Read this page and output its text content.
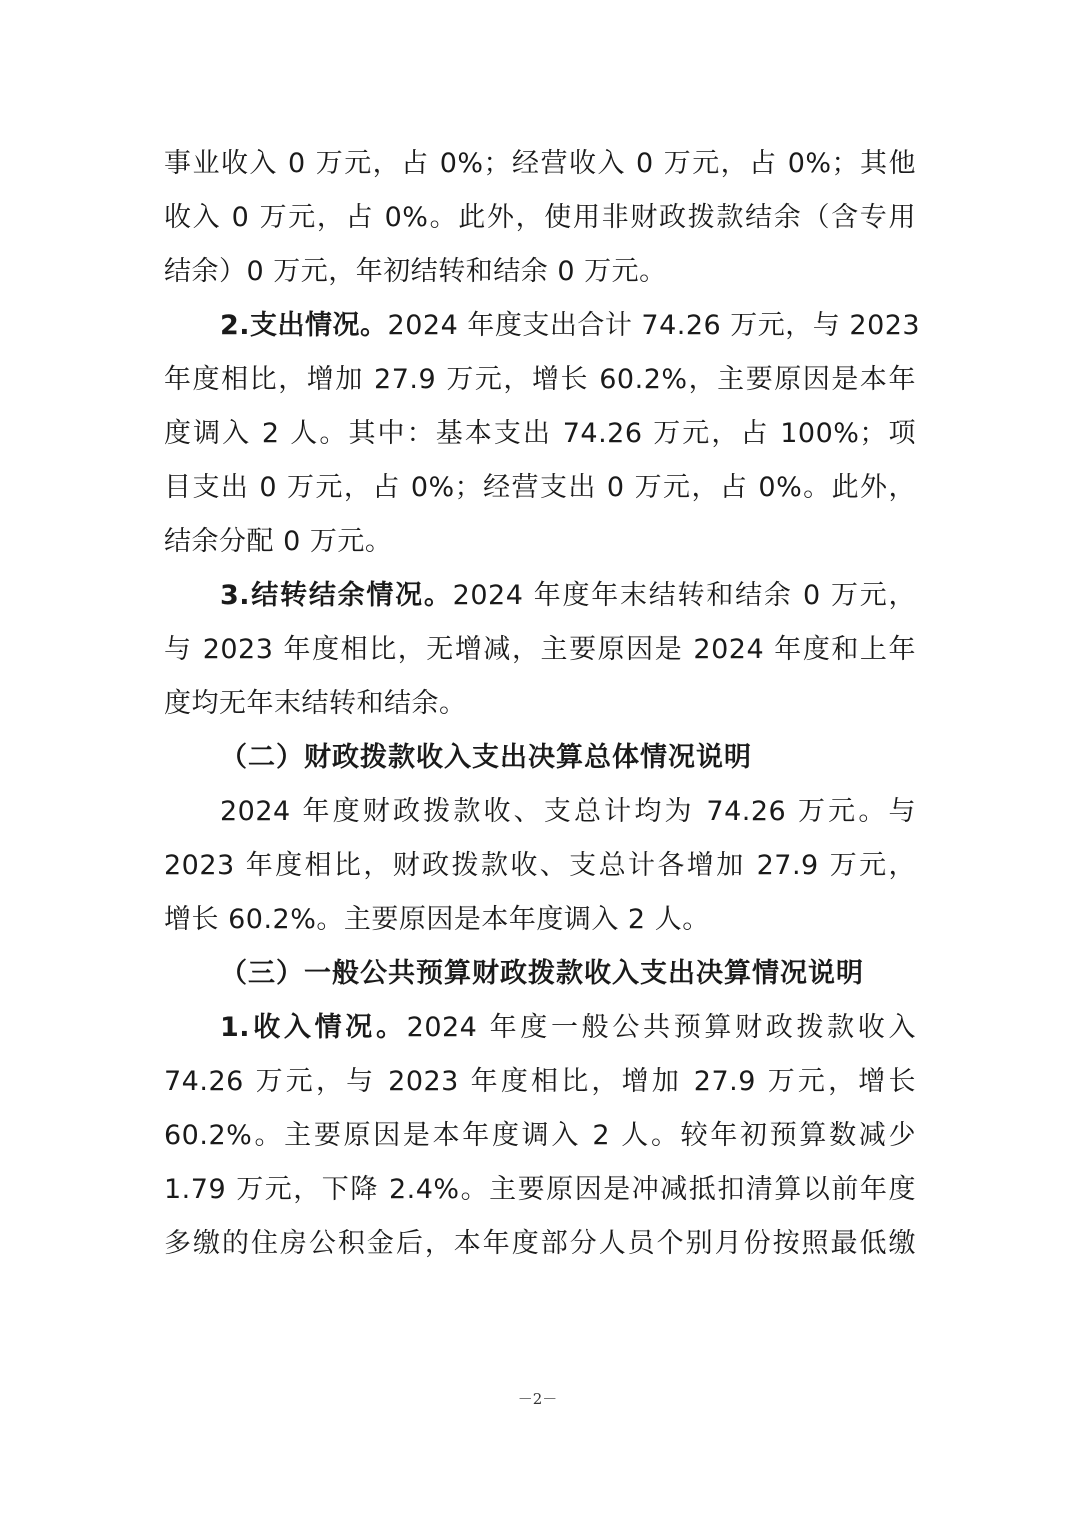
事业收入 0 万元，占 0%；经营收入 0 万元，占 0%；其他
收入 0 万元，占 0%。此外，使用非财政拨款结余（含专用
结余）0 万元，年初结转和结余 0 万元。
2.支出情况。2024 年度支出合计 74.26 万元，与 2023
年度相比，增加 27.9 万元，增长 60.2%，主要原因是本年
度调入 2 人。其中：基本支出 74.26 万元，占 100%；项
目支出 0 万元，占 0%；经营支出 0 万元，占 0%。此外，
结余分配 0 万元。
3.结转结余情况。2024 年度年末结转和结余 0 万元，
与 2023 年度相比，无增减，主要原因是 2024 年度和上年
度均无年末结转和结余。
（二）财政拨款收入支出决算总体情况说明
2024 年度财政拨款收、支总计均为 74.26 万元。与
2023 年度相比，财政拨款收、支总计各增加 27.9 万元，
增长 60.2%。主要原因是本年度调入 2 人。
（三）一般公共预算财政拨款收入支出决算情况说明
1.收入情况。2024 年度一般公共预算财政拨款收入
74.26 万元，与 2023 年度相比，增加 27.9 万元，增长
60.2%。主要原因是本年度调入 2 人。较年初预算数减少
1.79 万元，下降 2.4%。主要原因是冲减抵扣清算以前年度
多缴的住房公积金后，本年度部分人员个别月份按照最低缴
－2－
